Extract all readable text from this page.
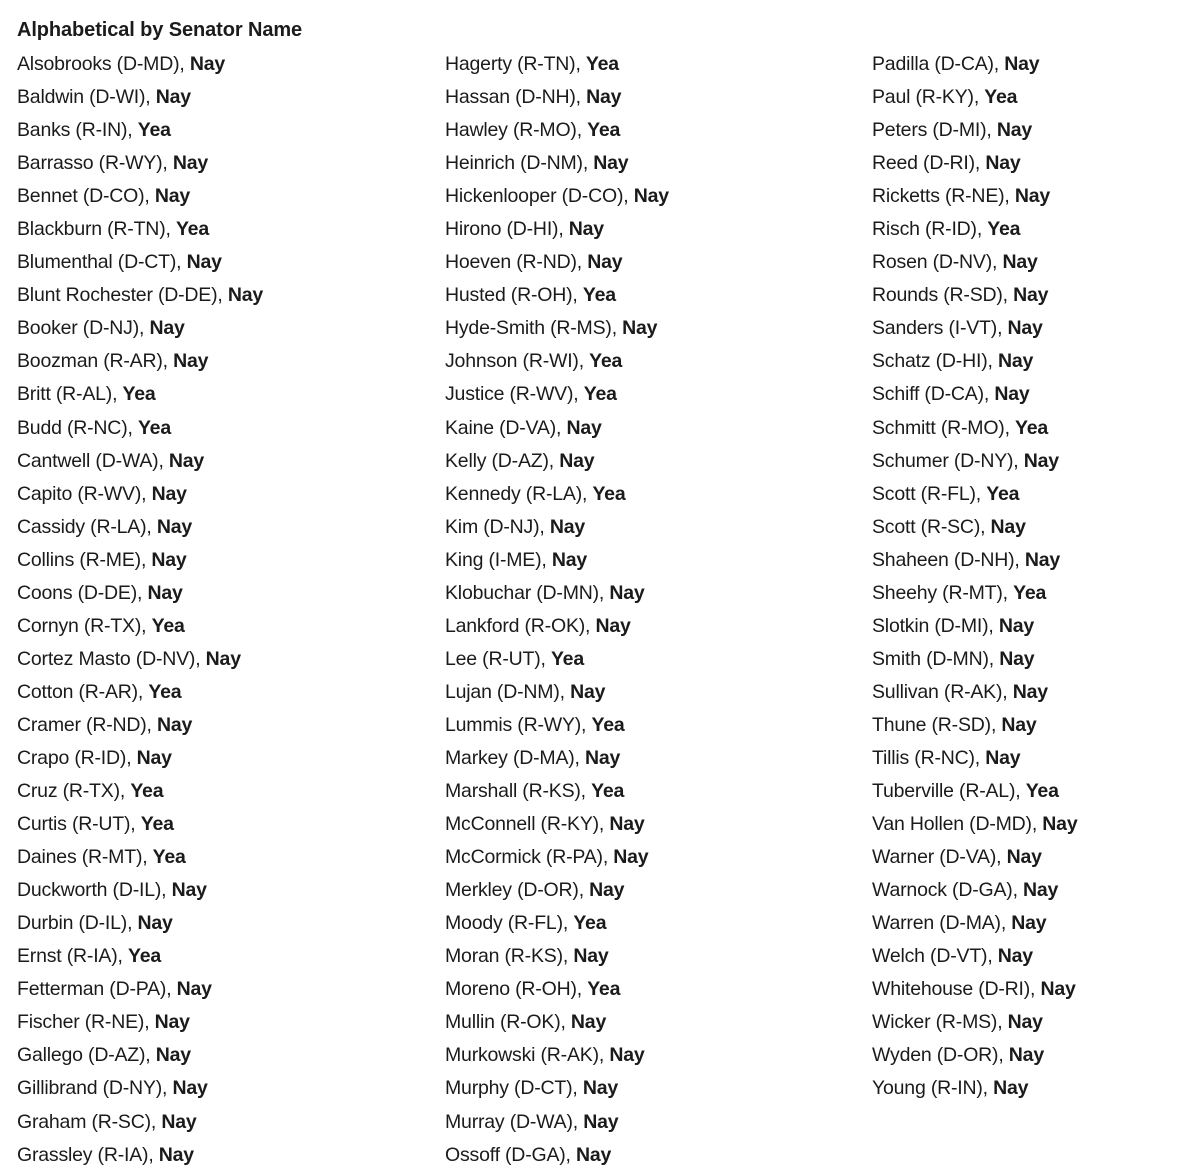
Alphabetical by Senator Name
Alsobrooks (D-MD), Nay
Baldwin (D-WI), Nay
Banks (R-IN), Yea
Barrasso (R-WY), Nay
Bennet (D-CO), Nay
Blackburn (R-TN), Yea
Blumenthal (D-CT), Nay
Blunt Rochester (D-DE), Nay
Booker (D-NJ), Nay
Boozman (R-AR), Nay
Britt (R-AL), Yea
Budd (R-NC), Yea
Cantwell (D-WA), Nay
Capito (R-WV), Nay
Cassidy (R-LA), Nay
Collins (R-ME), Nay
Coons (D-DE), Nay
Cornyn (R-TX), Yea
Cortez Masto (D-NV), Nay
Cotton (R-AR), Yea
Cramer (R-ND), Nay
Crapo (R-ID), Nay
Cruz (R-TX), Yea
Curtis (R-UT), Yea
Daines (R-MT), Yea
Duckworth (D-IL), Nay
Durbin (D-IL), Nay
Ernst (R-IA), Yea
Fetterman (D-PA), Nay
Fischer (R-NE), Nay
Gallego (D-AZ), Nay
Gillibrand (D-NY), Nay
Graham (R-SC), Nay
Grassley (R-IA), Nay
Hagerty (R-TN), Yea
Hassan (D-NH), Nay
Hawley (R-MO), Yea
Heinrich (D-NM), Nay
Hickenlooper (D-CO), Nay
Hirono (D-HI), Nay
Hoeven (R-ND), Nay
Husted (R-OH), Yea
Hyde-Smith (R-MS), Nay
Johnson (R-WI), Yea
Justice (R-WV), Yea
Kaine (D-VA), Nay
Kelly (D-AZ), Nay
Kennedy (R-LA), Yea
Kim (D-NJ), Nay
King (I-ME), Nay
Klobuchar (D-MN), Nay
Lankford (R-OK), Nay
Lee (R-UT), Yea
Lujan (D-NM), Nay
Lummis (R-WY), Yea
Markey (D-MA), Nay
Marshall (R-KS), Yea
McConnell (R-KY), Nay
McCormick (R-PA), Nay
Merkley (D-OR), Nay
Moody (R-FL), Yea
Moran (R-KS), Nay
Moreno (R-OH), Yea
Mullin (R-OK), Nay
Murkowski (R-AK), Nay
Murphy (D-CT), Nay
Murray (D-WA), Nay
Ossoff (D-GA), Nay
Padilla (D-CA), Nay
Paul (R-KY), Yea
Peters (D-MI), Nay
Reed (D-RI), Nay
Ricketts (R-NE), Nay
Risch (R-ID), Yea
Rosen (D-NV), Nay
Rounds (R-SD), Nay
Sanders (I-VT), Nay
Schatz (D-HI), Nay
Schiff (D-CA), Nay
Schmitt (R-MO), Yea
Schumer (D-NY), Nay
Scott (R-FL), Yea
Scott (R-SC), Nay
Shaheen (D-NH), Nay
Sheehy (R-MT), Yea
Slotkin (D-MI), Nay
Smith (D-MN), Nay
Sullivan (R-AK), Nay
Thune (R-SD), Nay
Tillis (R-NC), Nay
Tuberville (R-AL), Yea
Van Hollen (D-MD), Nay
Warner (D-VA), Nay
Warnock (D-GA), Nay
Warren (D-MA), Nay
Welch (D-VT), Nay
Whitehouse (D-RI), Nay
Wicker (R-MS), Nay
Wyden (D-OR), Nay
Young (R-IN), Nay
